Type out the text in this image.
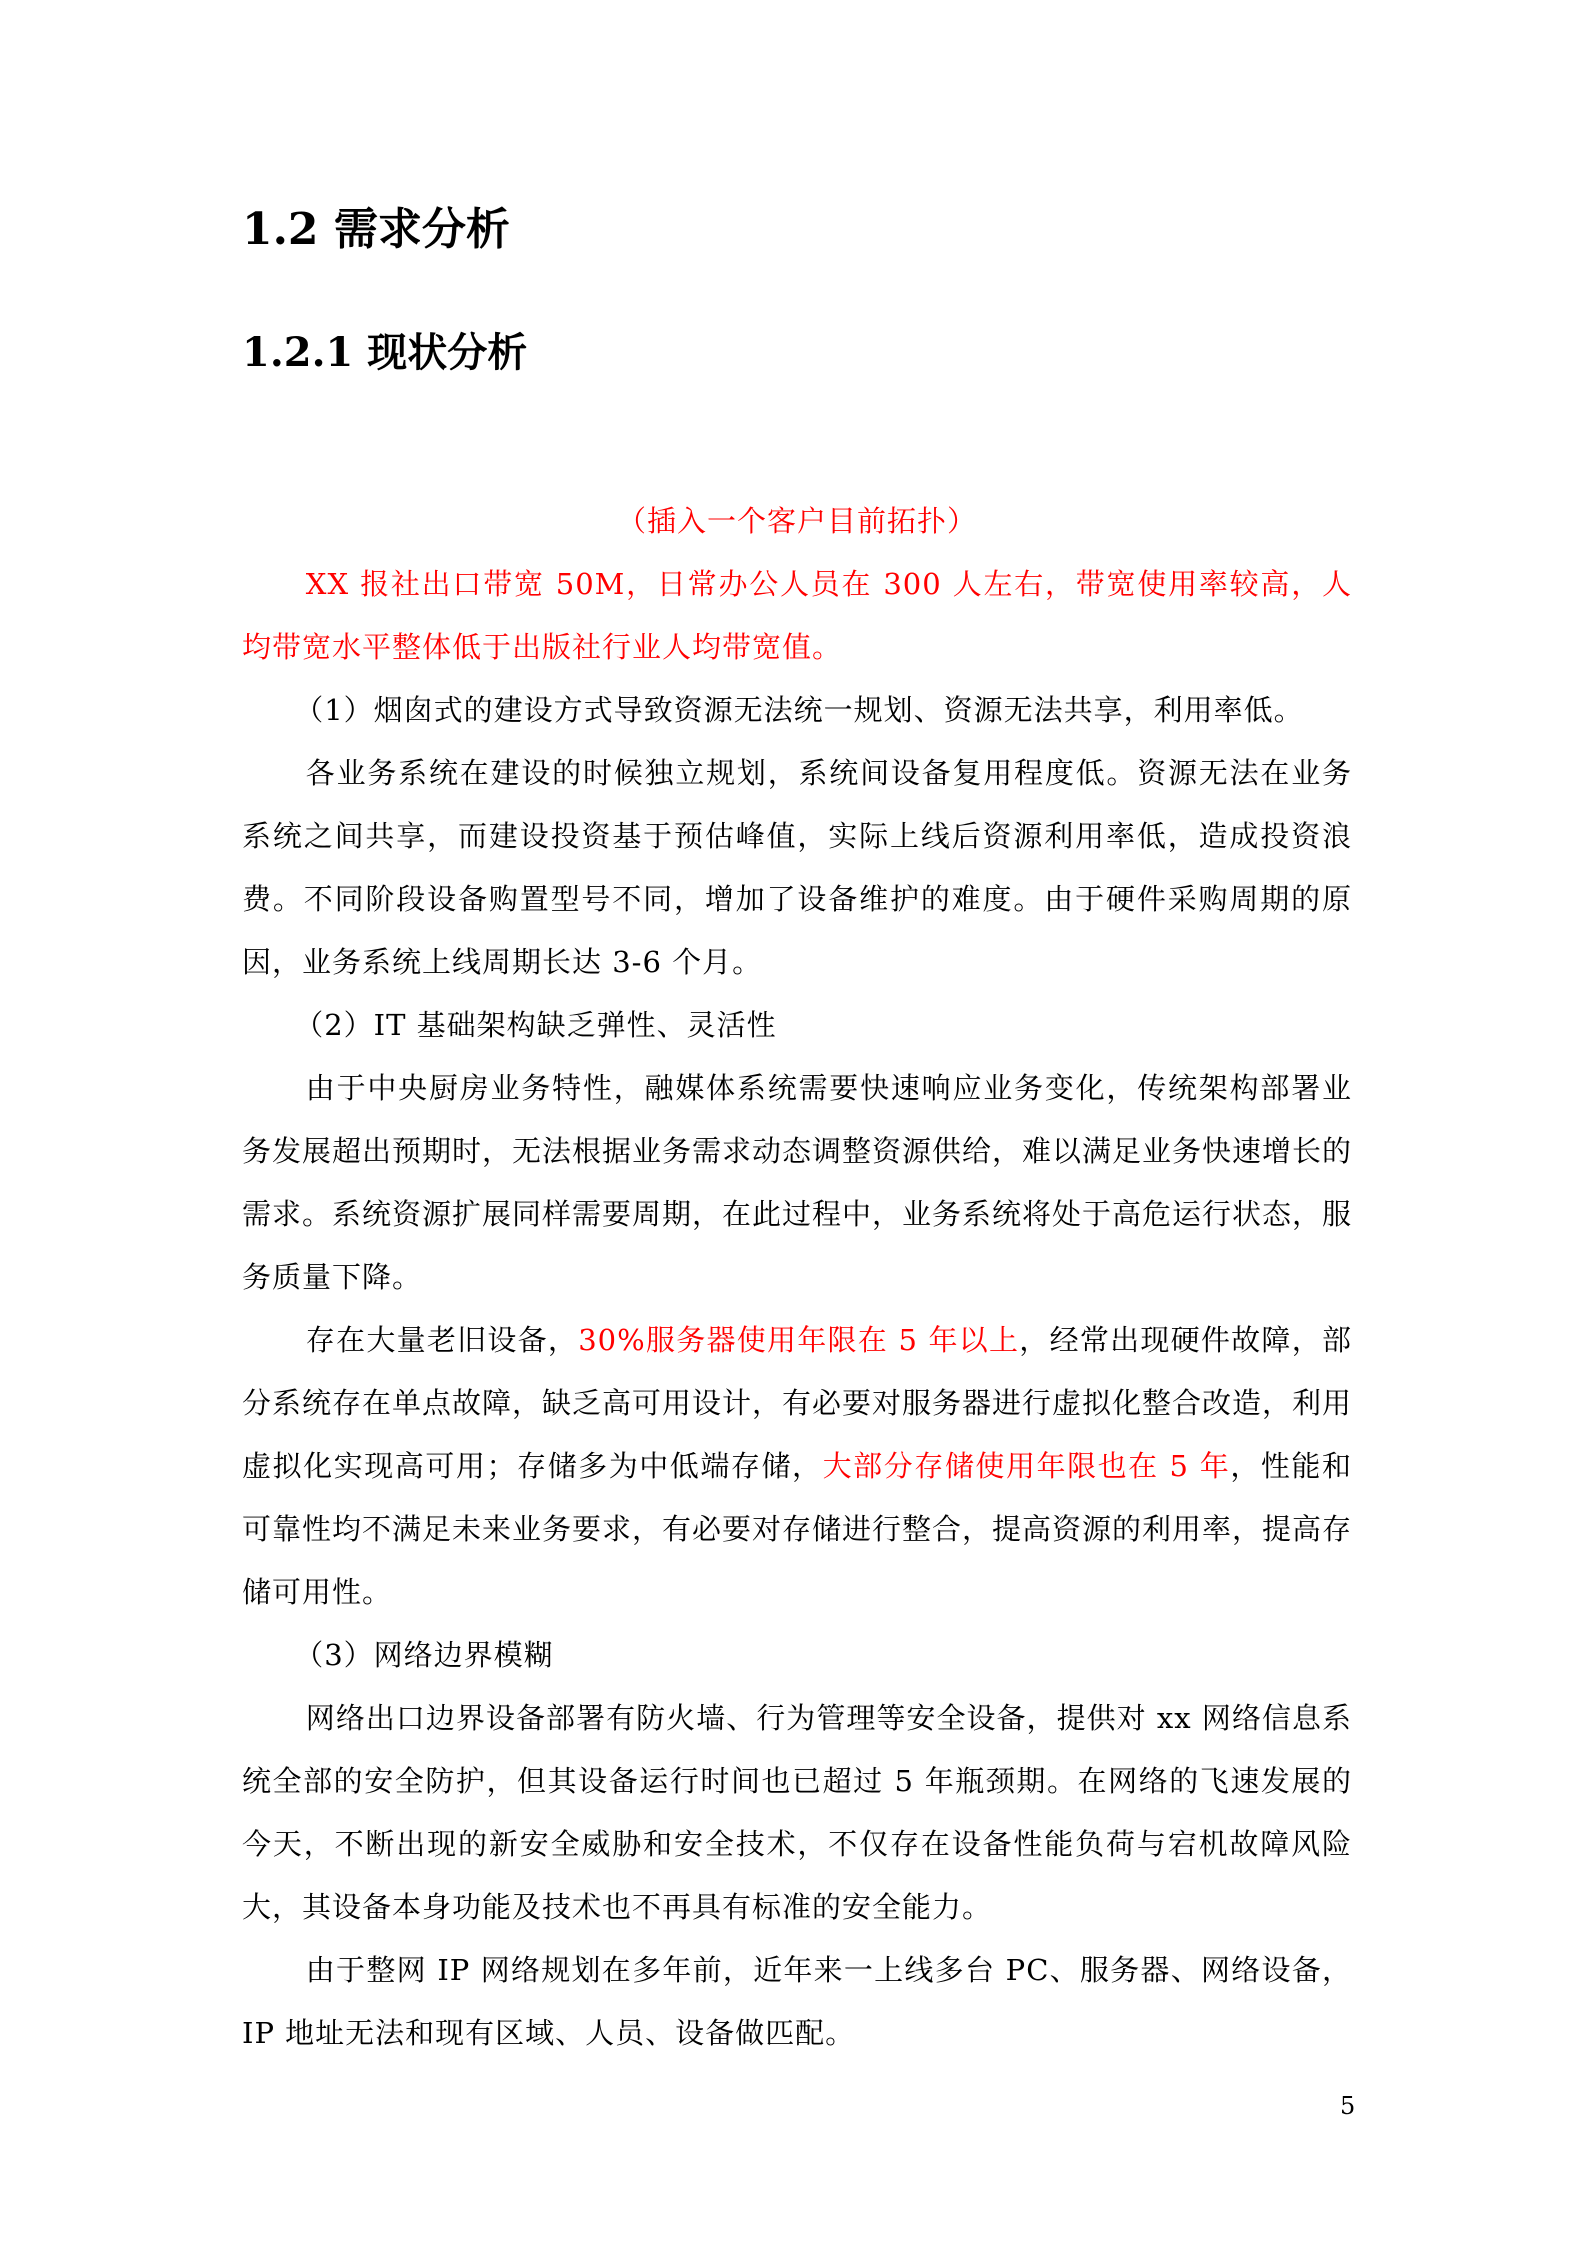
1.2 需求分析
1.2.1 现状分析

（插入一个客户目前拓扑）

XX 报社出口带宽 50M，日常办公人员在 300 人左右，带宽使用率较高，人均带宽水平整体低于出版社行业人均带宽值。

（1）烟囱式的建设方式导致资源无法统一规划、资源无法共享，利用率低。

各业务系统在建设的时候独立规划，系统间设备复用程度低。资源无法在业务系统之间共享，而建设投资基于预估峰值，实际上线后资源利用率低，造成投资浪费。不同阶段设备购置型号不同，增加了设备维护的难度。由于硬件采购周期的原因，业务系统上线周期长达 3-6 个月。

（2）IT 基础架构缺乏弹性、灵活性

由于中央厨房业务特性，融媒体系统需要快速响应业务变化，传统架构部署业务发展超出预期时，无法根据业务需求动态调整资源供给，难以满足业务快速增长的需求。系统资源扩展同样需要周期，在此过程中，业务系统将处于高危运行状态，服务质量下降。

存在大量老旧设备，30%服务器使用年限在 5 年以上，经常出现硬件故障，部分系统存在单点故障，缺乏高可用设计，有必要对服务器进行虚拟化整合改造，利用虚拟化实现高可用；存储多为中低端存储，大部分存储使用年限也在 5 年，性能和可靠性均不满足未来业务要求，有必要对存储进行整合，提高资源的利用率，提高存储可用性。

（3）网络边界模糊

网络出口边界设备部署有防火墙、行为管理等安全设备，提供对 xx 网络信息系统全部的安全防护，但其设备运行时间也已超过 5 年瓶颈期。在网络的飞速发展的今天，不断出现的新安全威胁和安全技术，不仅存在设备性能负荷与宕机故障风险大，其设备本身功能及技术也不再具有标准的安全能力。

由于整网 IP 网络规划在多年前，近年来一上线多台 PC、服务器、网络设备，IP 地址无法和现有区域、人员、设备做匹配。

5
